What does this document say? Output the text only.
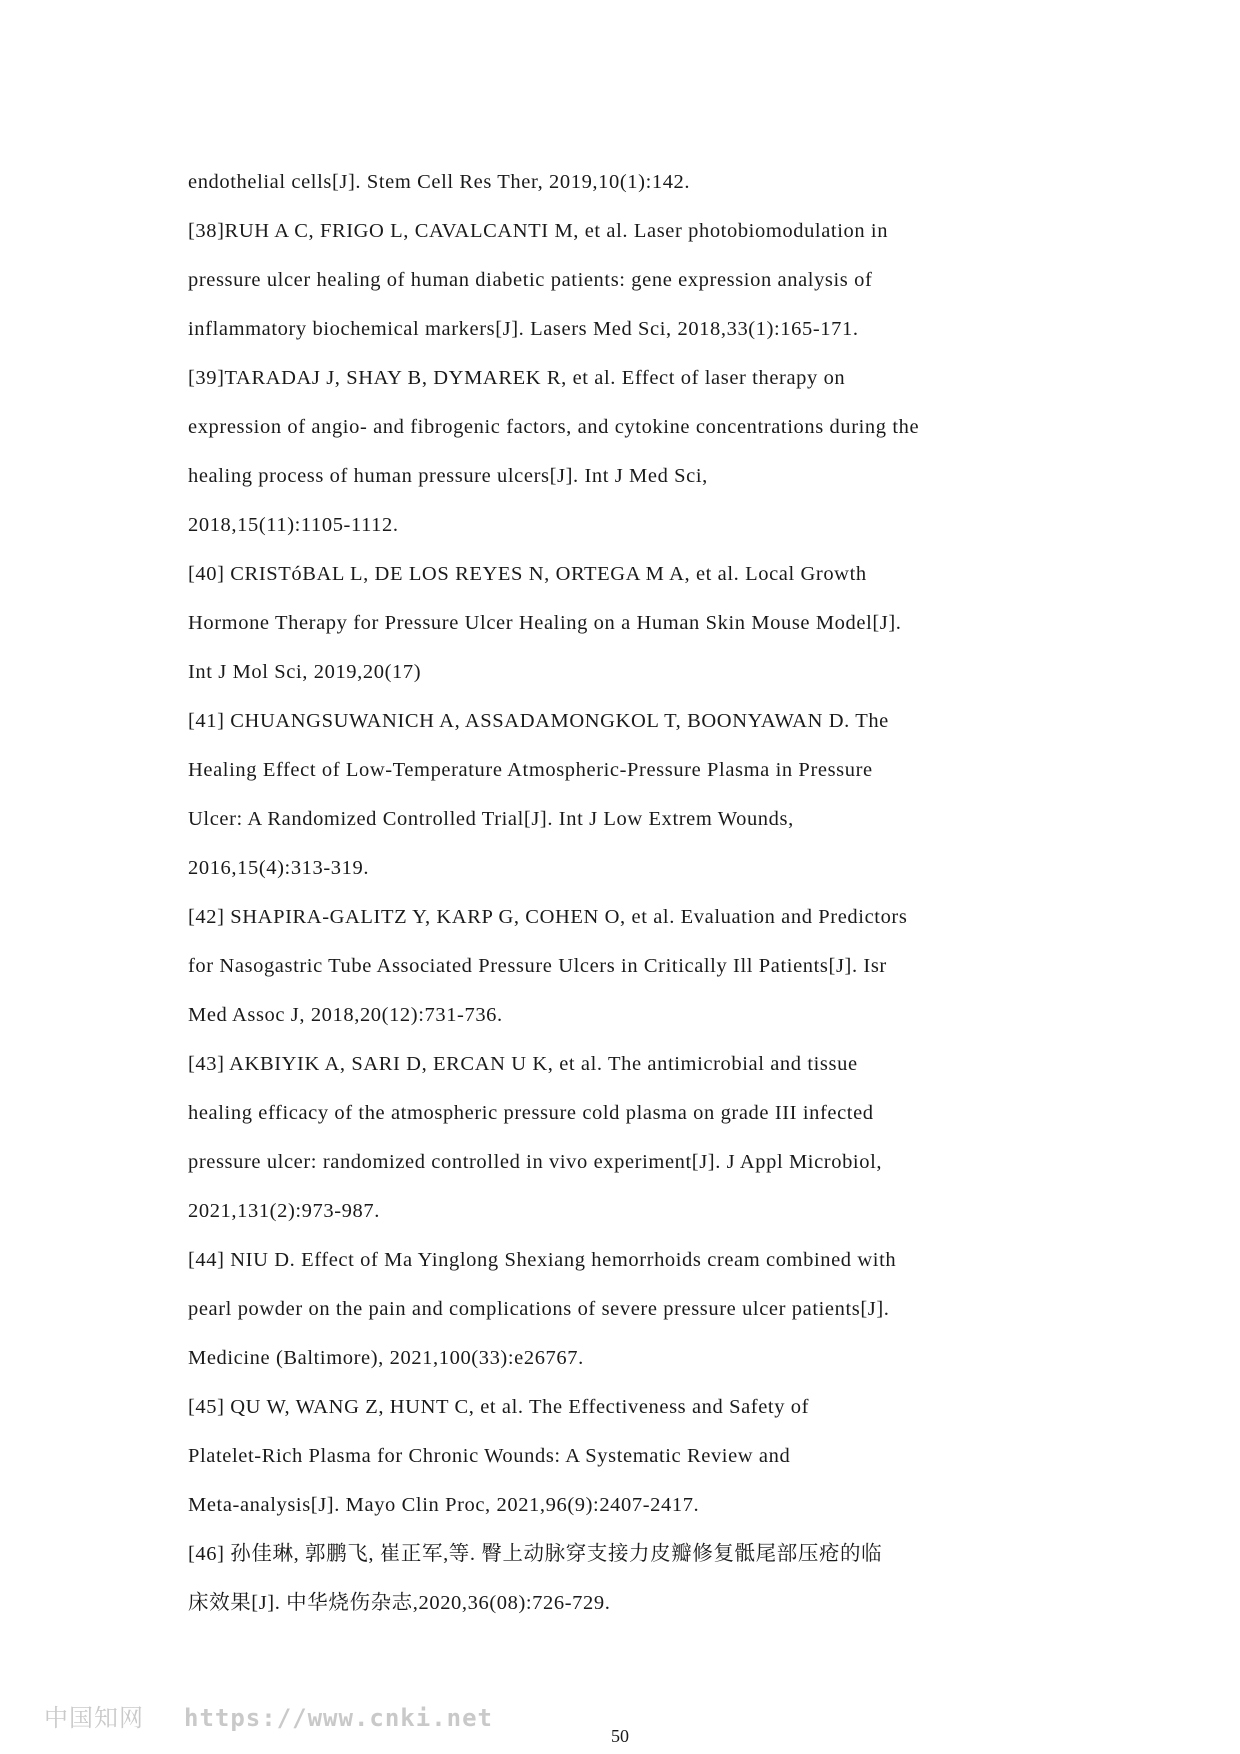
endothelial cells[J]. Stem Cell Res Ther, 2019,10(1):142.
[38]RUH A C, FRIGO L, CAVALCANTI M, et al. Laser photobiomodulation in
pressure ulcer healing of human diabetic patients: gene expression analysis of
inflammatory biochemical markers[J]. Lasers Med Sci, 2018,33(1):165-171.
[39]TARADAJ J, SHAY B, DYMAREK R, et al. Effect of laser therapy on
expression of angio- and fibrogenic factors, and cytokine concentrations during the
healing process of human pressure ulcers[J]. Int J Med Sci,
2018,15(11):1105-1112.
[40] CRISTóBAL L, DE LOS REYES N, ORTEGA M A, et al. Local Growth
Hormone Therapy for Pressure Ulcer Healing on a Human Skin Mouse Model[J].
Int J Mol Sci, 2019,20(17)
[41] CHUANGSUWANICH A, ASSADAMONGKOL T, BOONYAWAN D. The
Healing Effect of Low-Temperature Atmospheric-Pressure Plasma in Pressure
Ulcer: A Randomized Controlled Trial[J]. Int J Low Extrem Wounds,
2016,15(4):313-319.
[42] SHAPIRA-GALITZ Y, KARP G, COHEN O, et al. Evaluation and Predictors
for Nasogastric Tube Associated Pressure Ulcers in Critically Ill Patients[J]. Isr
Med Assoc J, 2018,20(12):731-736.
[43] AKBIYIK A, SARI D, ERCAN U K, et al. The antimicrobial and tissue
healing efficacy of the atmospheric pressure cold plasma on grade III infected
pressure ulcer: randomized controlled in vivo experiment[J]. J Appl Microbiol,
2021,131(2):973-987.
[44] NIU D. Effect of Ma Yinglong Shexiang hemorrhoids cream combined with
pearl powder on the pain and complications of severe pressure ulcer patients[J].
Medicine (Baltimore), 2021,100(33):e26767.
[45] QU W, WANG Z, HUNT C, et al. The Effectiveness and Safety of
Platelet-Rich Plasma for Chronic Wounds: A Systematic Review and
Meta-analysis[J]. Mayo Clin Proc, 2021,96(9):2407-2417.
[46] 孙佳琳, 郭鹏飞, 崔正军,等. 臀上动脉穿支接力皮瓣修复骶尾部压疮的临
床效果[J]. 中华烧伤杂志,2020,36(08):726-729.
中国知网 https://www.cnki.net
50
